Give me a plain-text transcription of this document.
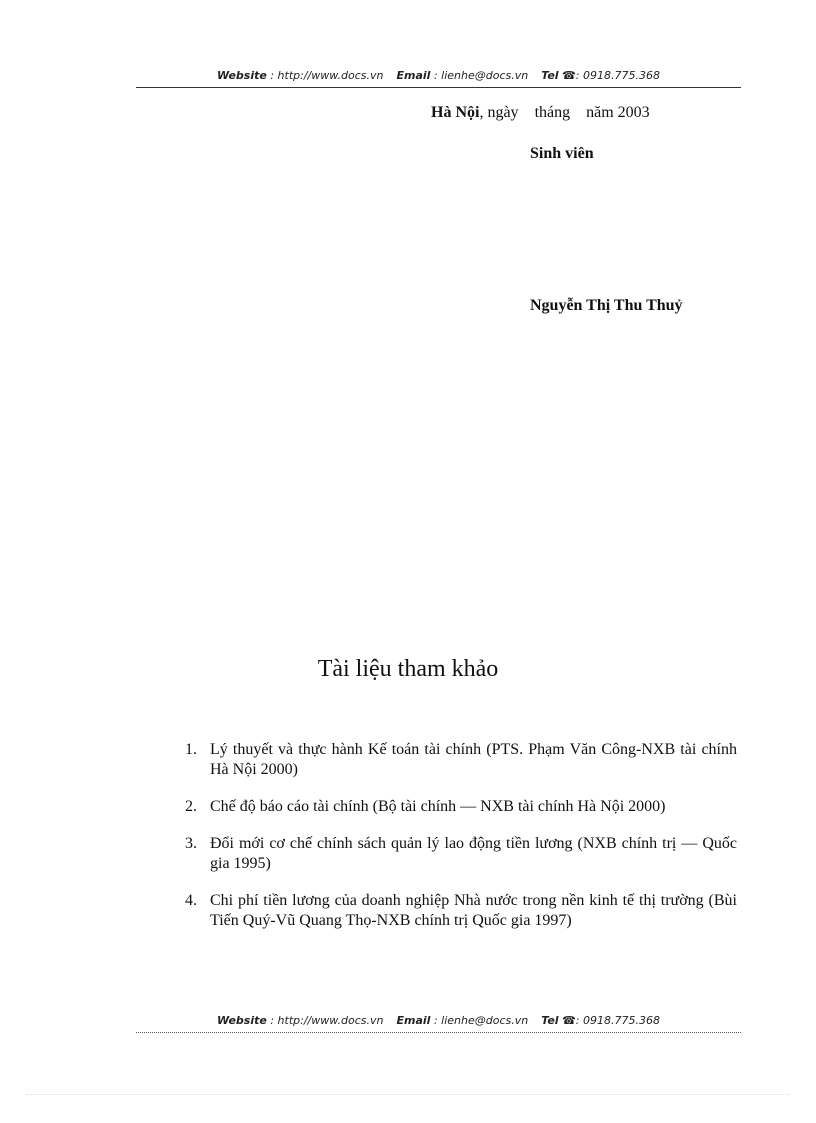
Website : http://www.docs.vn Email : lienhe@docs.vn Tel ☎: 0918.775.368
Hà Nội, ngày tháng năm 2003
Sinh viên
Nguyễn Thị Thu Thuỷ
Tài liệu tham khảo
1. Lý thuyết và thực hành Kế toán tài chính (PTS. Phạm Văn Công-NXB tài chính Hà Nội 2000)
2. Chế độ báo cáo tài chính (Bộ tài chính — NXB tài chính Hà Nội 2000)
3. Đổi mới cơ chế chính sách quản lý lao động tiền lương (NXB chính trị — Quốc gia 1995)
4. Chi phí tiền lương của doanh nghiệp Nhà nước trong nền kinh tế thị trường (Bùi Tiến Quý-Vũ Quang Thọ-NXB chính trị Quốc gia 1997)
Website : http://www.docs.vn Email : lienhe@docs.vn Tel ☎: 0918.775.368
